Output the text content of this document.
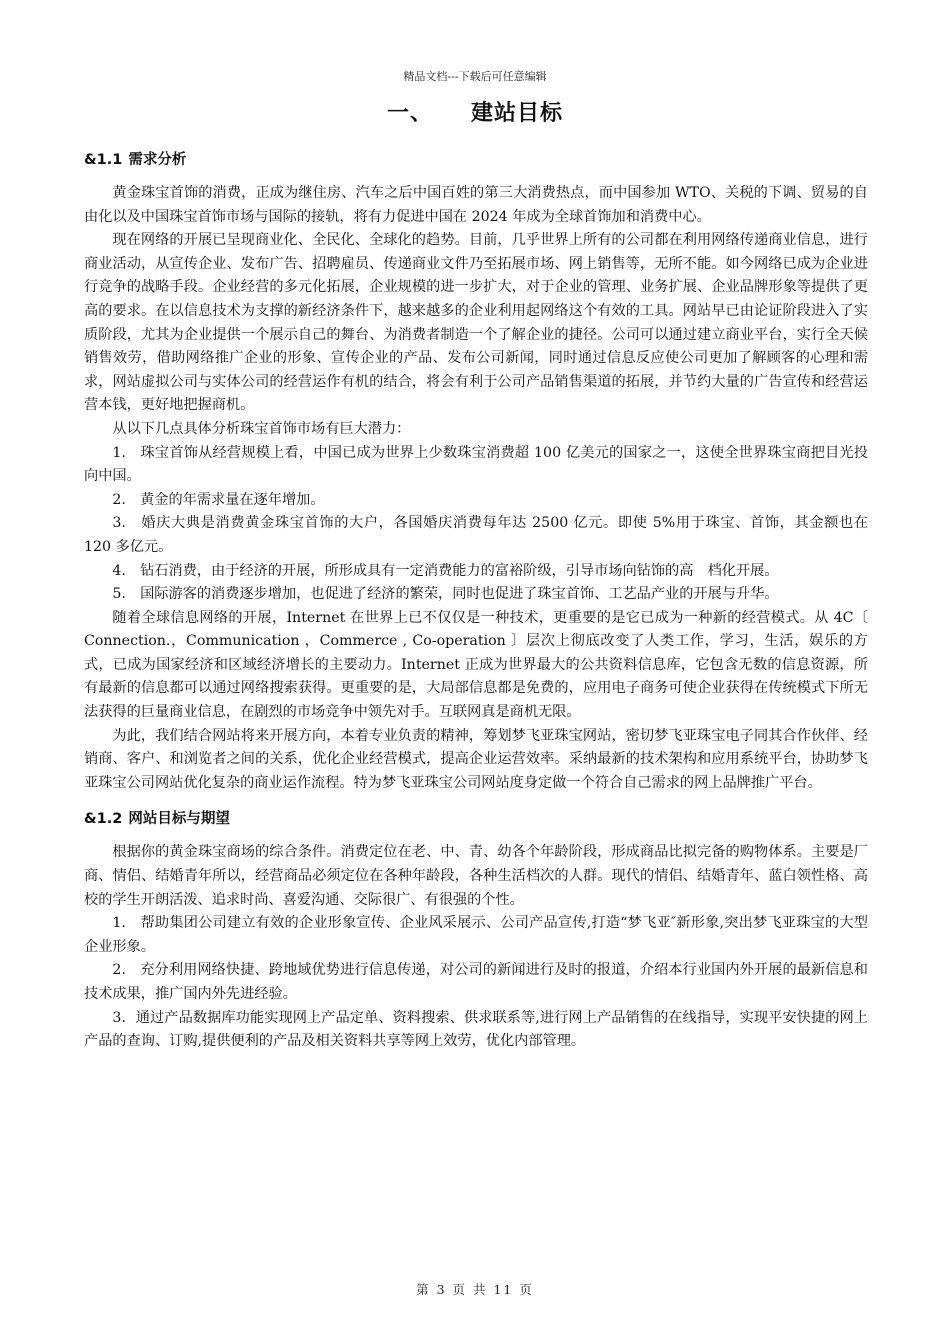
精品文档---下载后可任意编辑
一、 建站目标
&1.1 需求分析

黄金珠宝首饰的消费，正成为继住房、汽车之后中国百姓的第三大消费热点，而中国参加 WTO、关税的下调、贸易的自由化以及中国珠宝首饰市场与国际的接轨，将有力促进中国在 2024 年成为全球首饰加和消费中心。

现在网络的开展已呈现商业化、全民化、全球化的趋势。目前，几乎世界上所有的公司都在利用网络传递商业信息，进行商业活动，从宣传企业、发布广告、招聘雇员、传递商业文件乃至拓展市场、网上销售等，无所不能。如今网络已成为企业进行竞争的战略手段。企业经营的多元化拓展，企业规模的进一步扩大，对于企业的管理、业务扩展、企业品牌形象等提供了更高的要求。在以信息技术为支撑的新经济条件下，越来越多的企业利用起网络这个有效的工具。网站早已由论证阶段进入了实质阶段，尤其为企业提供一个展示自己的舞台、为消费者制造一个了解企业的捷径。公司可以通过建立商业平台，实行全天候销售效劳，借助网络推广企业的形象、宣传企业的产品、发布公司新闻，同时通过信息反应使公司更加了解顾客的心理和需求，网站虚拟公司与实体公司的经营运作有机的结合，将会有利于公司产品销售渠道的拓展，并节约大量的广告宣传和经营运营本钱，更好地把握商机。

从以下几点具体分析珠宝首饰市场有巨大潜力：

1.　珠宝首饰从经营规模上看，中国已成为世界上少数珠宝消费超 100 亿美元的国家之一，这使全世界珠宝商把目光投向中国。

2.　黄金的年需求量在逐年增加。

3.　婚庆大典是消费黄金珠宝首饰的大户，各国婚庆消费每年达 2500 亿元。即使 5%用于珠宝、首饰，其金额也在 120 多亿元。

4.　钻石消费，由于经济的开展，所形成具有一定消费能力的富裕阶级，引导市场向钻饰的高　档化开展。

5.　国际游客的消费逐步增加，也促进了经济的繁荣，同时也促进了珠宝首饰、工艺品产业的开展与升华。

随着全球信息网络的开展，Internet 在世界上已不仅仅是一种技术，更重要的是它已成为一种新的经营模式。从 4C〔 Connection.，Communication ，Commerce , Co-operation 〕层次上彻底改变了人类工作，学习，生活，娱乐的方式，已成为国家经济和区域经济增长的主要动力。Internet 正成为世界最大的公共资料信息库，它包含无数的信息资源，所有最新的信息都可以通过网络搜索获得。更重要的是，大局部信息都是免费的，应用电子商务可使企业获得在传统模式下所无法获得的巨量商业信息，在剧烈的市场竞争中领先对手。互联网真是商机无限。

为此，我们结合网站将来开展方向，本着专业负责的精神，筹划梦飞亚珠宝网站，密切梦飞亚珠宝电子同其合作伙伴、经销商、客户、和浏览者之间的关系，优化企业经营模式，提高企业运营效率。采纳最新的技术架构和应用系统平台，协助梦飞亚珠宝公司网站优化复杂的商业运作流程。特为梦飞亚珠宝公司网站度身定做一个符合自己需求的网上品牌推广平台。

&1.2 网站目标与期望

根据你的黄金珠宝商场的综合条件。消费定位在老、中、青、幼各个年龄阶段，形成商品比拟完备的购物体系。主要是厂商、情侣、结婚青年所以，经营商品必须定位在各种年龄段，各种生活档次的人群。现代的情侣、结婚青年、蓝白领性格、高校的学生开朗活泼、追求时尚、喜爱沟通、交际很广、有很强的个性。

1.　帮助集团公司建立有效的企业形象宣传、企业风采展示、公司产品宣传,打造“梦飞亚″新形象,突出梦飞亚珠宝的大型企业形象。

2.　充分利用网络快捷、跨地域优势进行信息传递，对公司的新闻进行及时的报道，介绍本行业国内外开展的最新信息和技术成果，推广国内外先进经验。

3．通过产品数据库功能实现网上产品定单、资料搜索、供求联系等,进行网上产品销售的在线指导，实现平安快捷的网上产品的查询、订购,提供便利的产品及相关资料共享等网上效劳，优化内部管理。

第 3 页 共 11 页
